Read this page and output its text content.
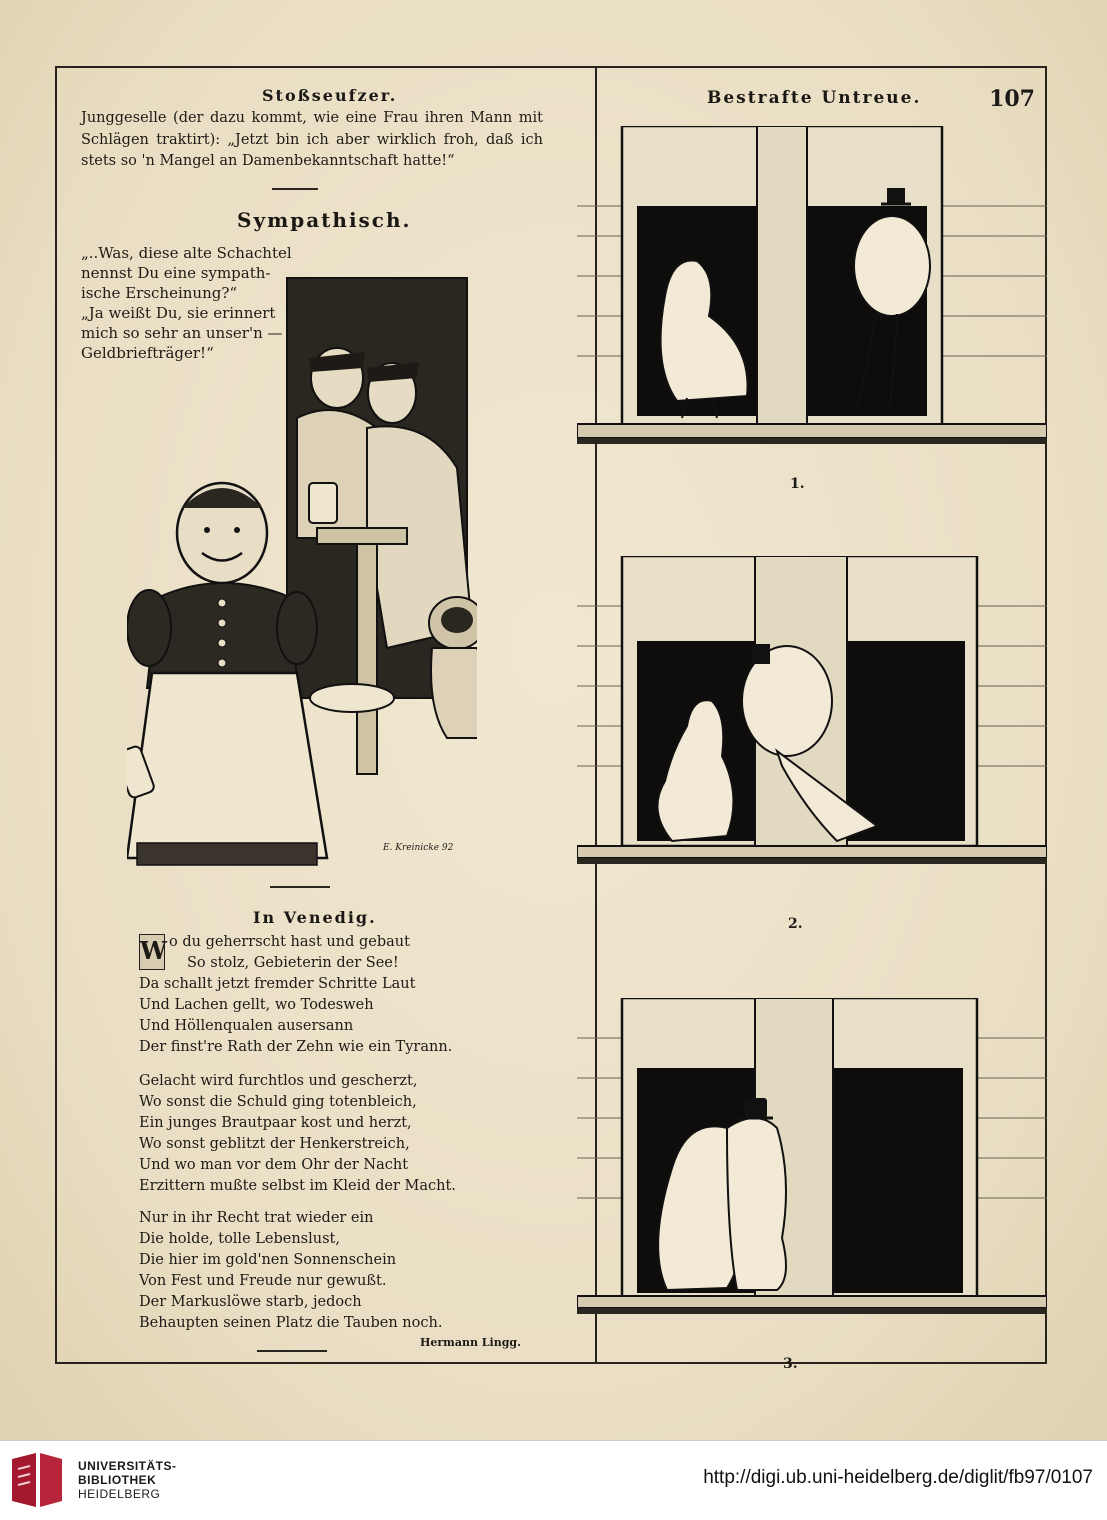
Stoßseufzer.
Junggeselle (der dazu kommt, wie eine Frau ihren Mann mit Schlägen traktirt): „Jetzt bin ich aber wirklich froh, daß ich stets so 'n Mangel an Damenbekanntschaft hatte!“
Sympathisch.
„..Was, diese alte Schachtel
nennst Du eine sympath-
ische Erscheinung?“
„Ja weißt Du, sie erinnert
mich so sehr an unser'n —
Geldbriefträger!“
E. Kreinicke 92
In Venedig.
W o du geherrscht hast und gebaut
So stolz, Gebieterin der See!
Da schallt jetzt fremder Schritte Laut
Und Lachen gellt, wo Todesweh
Und Höllenqualen ausersann
Der finst're Rath der Zehn wie ein Tyrann.
Gelacht wird furchtlos und gescherzt,
Wo sonst die Schuld ging totenbleich,
Ein junges Brautpaar kost und herzt,
Wo sonst geblitzt der Henkerstreich,
Und wo man vor dem Ohr der Nacht
Erzittern mußte selbst im Kleid der Macht.
Nur in ihr Recht trat wieder ein
Die holde, tolle Lebenslust,
Die hier im gold'nen Sonnenschein
Von Fest und Freude nur gewußt.
Der Markuslöwe starb, jedoch
Behaupten seinen Platz die Tauben noch.
Hermann Lingg.
Bestrafte Untreue.	107
1.
2.
3.
UNIVERSITÄTS-
BIBLIOTHEK
HEIDELBERG
http://digi.ub.uni-heidelberg.de/diglit/fb97/0107
